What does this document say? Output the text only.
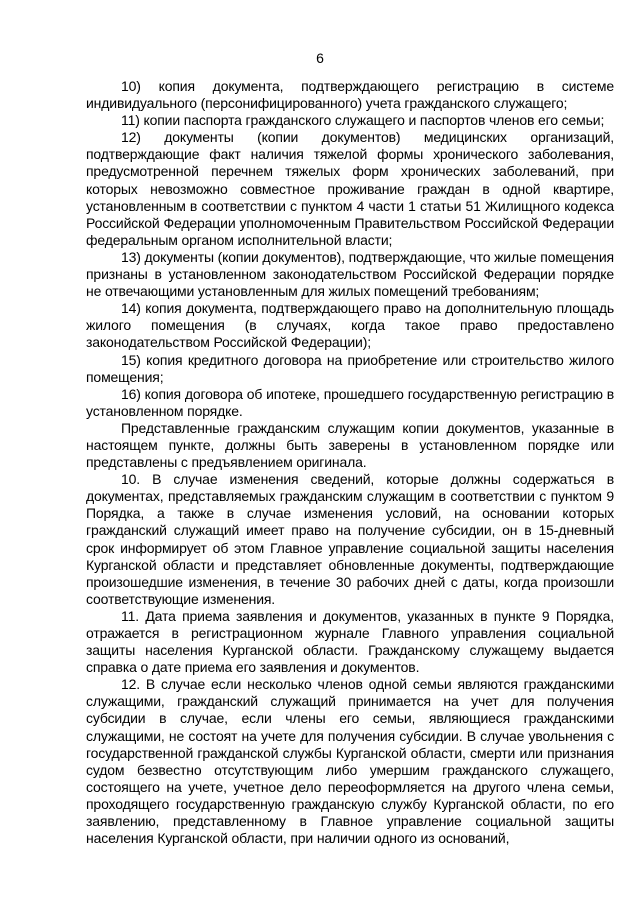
6

10) копия документа, подтверждающего регистрацию в системе индивидуального (персонифицированного) учета гражданского служащего;

11) копии паспорта гражданского служащего и паспортов членов его семьи;

12) документы (копии документов) медицинских организаций, подтверждающие факт наличия тяжелой формы хронического заболевания, предусмотренной перечнем тяжелых форм хронических заболеваний, при которых невозможно совместное проживание граждан в одной квартире, установленным в соответствии с пунктом 4 части 1 статьи 51 Жилищного кодекса Российской Федерации уполномоченным Правительством Российской Федерации федеральным органом исполнительной власти;

13) документы (копии документов), подтверждающие, что жилые помещения признаны в установленном законодательством Российской Федерации порядке не отвечающими установленным для жилых помещений требованиям;

14) копия документа, подтверждающего право на дополнительную площадь жилого помещения (в случаях, когда такое право предоставлено законодательством Российской Федерации);

15) копия кредитного договора на приобретение или строительство жилого помещения;

16) копия договора об ипотеке, прошедшего государственную регистрацию в установленном порядке.

Представленные гражданским служащим копии документов, указанные в настоящем пункте, должны быть заверены в установленном порядке или представлены с предъявлением оригинала.

10. В случае изменения сведений, которые должны содержаться в документах, представляемых гражданским служащим в соответствии с пунктом 9 Порядка, а также в случае изменения условий, на основании которых гражданский служащий имеет право на получение субсидии, он в 15-дневный срок информирует об этом Главное управление социальной защиты населения Курганской области и представляет обновленные документы, подтверждающие произошедшие изменения, в течение 30 рабочих дней с даты, когда произошли соответствующие изменения.

11. Дата приема заявления и документов, указанных в пункте 9 Порядка, отражается в регистрационном журнале Главного управления социальной защиты населения Курганской области. Гражданскому служащему выдается справка о дате приема его заявления и документов.

12. В случае если несколько членов одной семьи являются гражданскими служащими, гражданский служащий принимается на учет для получения субсидии в случае, если члены его семьи, являющиеся гражданскими служащими, не состоят на учете для получения субсидии. В случае увольнения с государственной гражданской службы Курганской области, смерти или признания судом безвестно отсутствующим либо умершим гражданского служащего, состоящего на учете, учетное дело переоформляется на другого члена семьи, проходящего государственную гражданскую службу Курганской области, по его заявлению, представленному в Главное управление социальной защиты населения Курганской области, при наличии одного из оснований,
